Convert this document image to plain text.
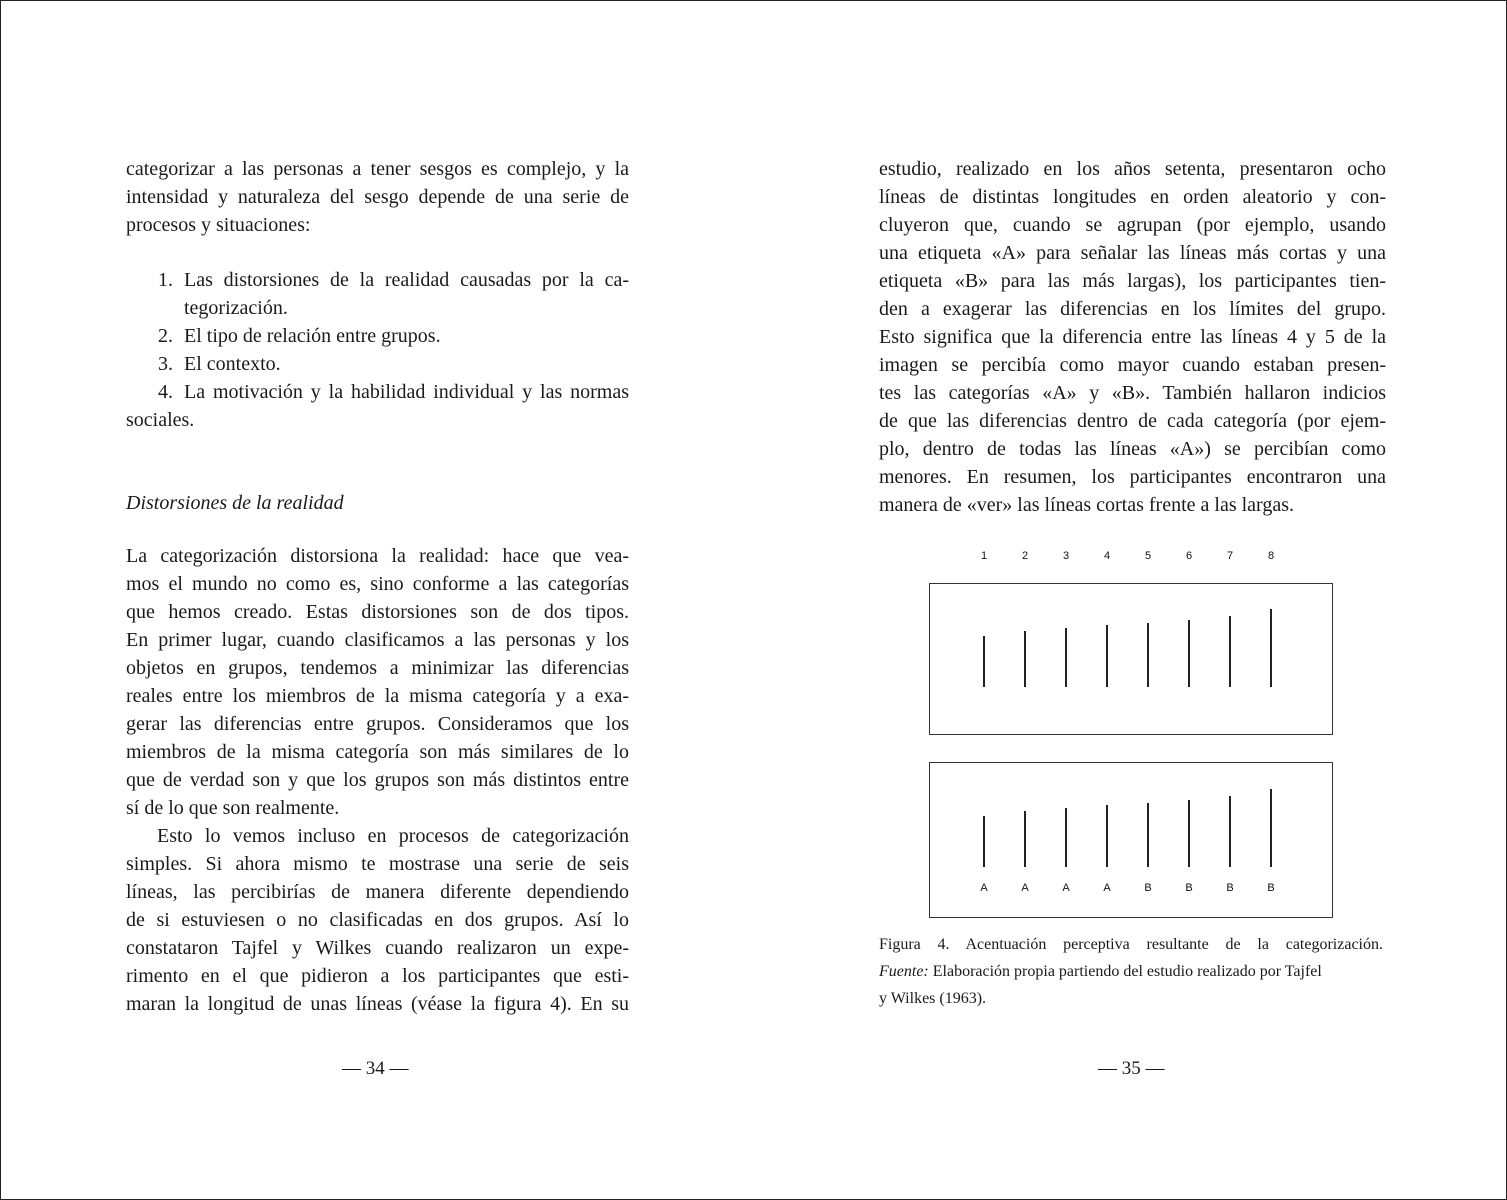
categorizar a las personas a tener sesgos es complejo, y la
intensidad y naturaleza del sesgo depende de una serie de
procesos y situaciones:
1. Las distorsiones de la realidad causadas por la ca-
tegorización.
2. El tipo de relación entre grupos.
3. El contexto.
4. La motivación y la habilidad individual y las normas
sociales.
Distorsiones de la realidad
La categorización distorsiona la realidad: hace que vea-
mos el mundo no como es, sino conforme a las categorías
que hemos creado. Estas distorsiones son de dos tipos.
En primer lugar, cuando clasificamos a las personas y los
objetos en grupos, tendemos a minimizar las diferencias
reales entre los miembros de la misma categoría y a exa-
gerar las diferencias entre grupos. Consideramos que los
miembros de la misma categoría son más similares de lo
que de verdad son y que los grupos son más distintos entre
sí de lo que son realmente.
Esto lo vemos incluso en procesos de categorización
simples. Si ahora mismo te mostrase una serie de seis
líneas, las percibirías de manera diferente dependiendo
de si estuviesen o no clasificadas en dos grupos. Así lo
constataron Tajfel y Wilkes cuando realizaron un expe-
rimento en el que pidieron a los participantes que esti-
maran la longitud de unas líneas (véase la figura 4). En su
— 34 —
estudio, realizado en los años setenta, presentaron ocho
líneas de distintas longitudes en orden aleatorio y con-
cluyeron que, cuando se agrupan (por ejemplo, usando
una etiqueta «A» para señalar las líneas más cortas y una
etiqueta «B» para las más largas), los participantes tien-
den a exagerar las diferencias en los límites del grupo.
Esto significa que la diferencia entre las líneas 4 y 5 de la
imagen se percibía como mayor cuando estaban presen-
tes las categorías «A» y «B». También hallaron indicios
de que las diferencias dentro de cada categoría (por ejem-
plo, dentro de todas las líneas «A») se percibían como
menores. En resumen, los participantes encontraron una
manera de «ver» las líneas cortas frente a las largas.
Figura 4. Acentuación perceptiva resultante de la categorización.
Fuente: Elaboración propia partiendo del estudio realizado por Tajfel
y Wilkes (1963).
— 35 —
1
A
2
A
3
A
4
A
5
B
6
B
7
B
8
B
